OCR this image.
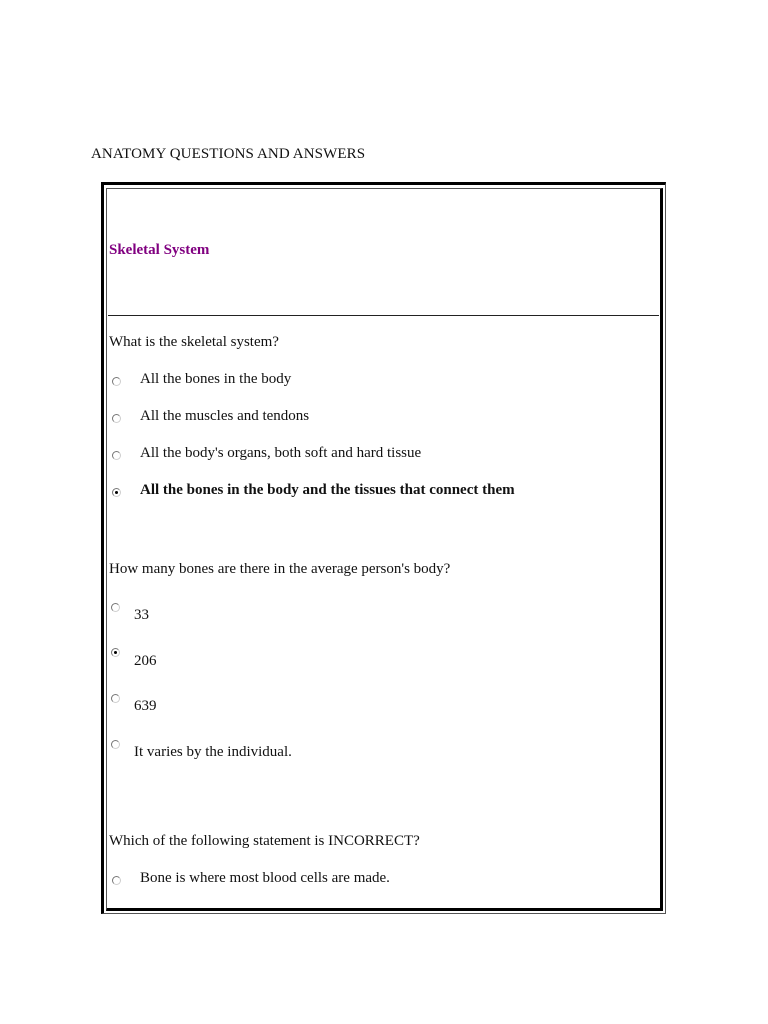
ANATOMY QUESTIONS AND ANSWERS
Skeletal System
What is the skeletal system?
All the bones in the body
All the muscles and tendons
All the body's organs, both soft and hard tissue
All the bones in the body and the tissues that connect them
How many bones are there in the average person's body?
33
206
639
It varies by the individual.
Which of the following statement is INCORRECT?
Bone is where most blood cells are made.
